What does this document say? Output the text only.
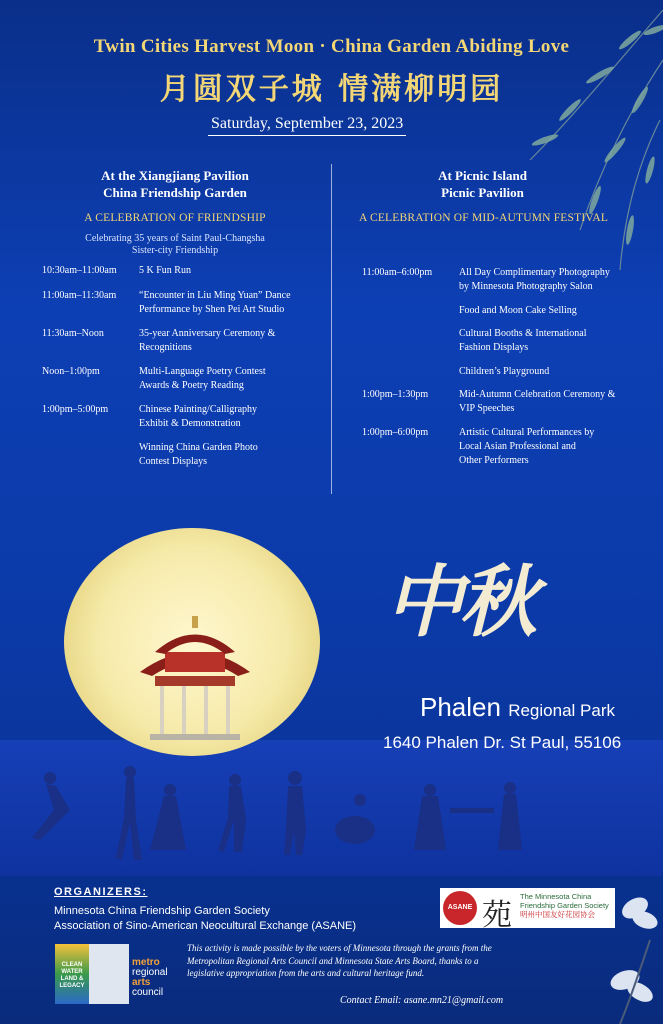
Twin Cities Harvest Moon · China Garden Abiding Love
月圆双子城 情满柳明园
Saturday, September 23, 2023
At the Xiangjiang Pavilion
China Friendship Garden
A CELEBRATION OF FRIENDSHIP
Celebrating 35 years of Saint Paul-Changsha
Sister-city Friendship
10:30am–11:00am 5 K Fun Run
11:00am–11:30am “Encounter in Liu Ming Yuan” Dance
Performance by Shen Pei Art Studio
11:30am–Noon	35-year Anniversary Ceremony &
Recognitions
Noon–1:00pm	Multi-Language Poetry Contest
Awards & Poetry Reading
1:00pm–5:00pm	Chinese Painting/Calligraphy
Exhibit & Demonstration
Winning China Garden Photo
Contest Displays
At Picnic Island
Picnic Pavilion
A CELEBRATION OF MID-AUTUMN FESTIVAL
11:00am–6:00pm	All Day Complimentary Photography
by Minnesota Photography Salon
Food and Moon Cake Selling
Cultural Booths & International
Fashion Displays
Children’s Playground
1:00pm–1:30pm	Mid-Autumn Celebration Ceremony &
VIP Speeches
1:00pm–6:00pm	Artistic Cultural Performances by
Local Asian Professional and
Other Performers
中秋
Phalen Regional Park
1640 Phalen Dr. St Paul, 55106
ORGANIZERS:
Minnesota China Friendship Garden Society
Association of Sino-American Neocultural Exchange (ASANE)
ASANE 苑
The Minnesota China
Friendship Garden Society
明州中国友好花园协会
CLEAN WATER LAND & LEGACY
metro
regional
arts
council
This activity is made possible by the voters of Minnesota through the grants from the Metropolitan Regional Arts Council and Minnesota State Arts Board, thanks to a legislative appropriation from the arts and cultural heritage fund.
Contact Email: asane.mn21@gmail.com
